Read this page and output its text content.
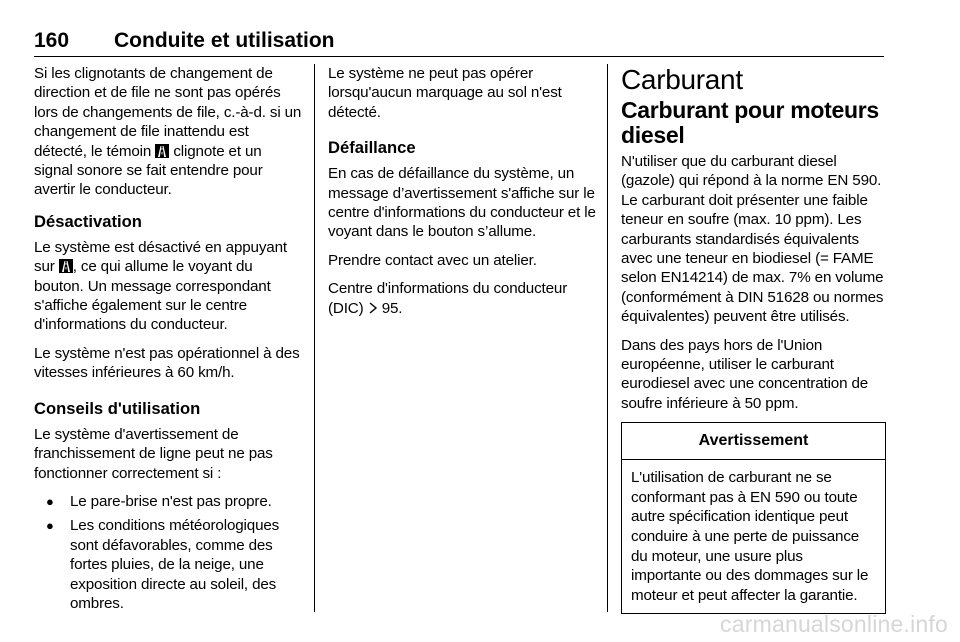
160 Conduite et utilisation

Si les clignotants de changement de direction et de file ne sont pas opérés lors de changements de file, c.-à-d. si un changement de file inattendu est détecté, le témoin clignote et un signal sonore se fait entendre pour avertir le conducteur.

Désactivation

Le système est désactivé en appuyant sur , ce qui allume le voyant du bouton. Un message correspondant s'affiche également sur le centre d'informations du conducteur.

Le système n'est pas opérationnel à des vitesses inférieures à 60 km/h.

Conseils d'utilisation

Le système d'avertissement de franchissement de ligne peut ne pas fonctionner correctement si :

● Le pare-brise n'est pas propre.
● Les conditions météorologiques sont défavorables, comme des fortes pluies, de la neige, une exposition directe au soleil, des ombres.

Le système ne peut pas opérer lorsqu'aucun marquage au sol n'est détecté.

Défaillance

En cas de défaillance du système, un message d’avertissement s'affiche sur le centre d'informations du conducteur et le voyant dans le bouton s’allume.

Prendre contact avec un atelier.

Centre d'informations du conducteur (DIC) 95.

Carburant
Carburant pour moteurs diesel

N'utiliser que du carburant diesel (gazole) qui répond à la norme EN 590. Le carburant doit présenter une faible teneur en soufre (max. 10 ppm). Les carburants standardisés équivalents avec une teneur en biodiesel (= FAME selon EN14214) de max. 7% en volume (conformément à DIN 51628 ou normes équivalentes) peuvent être utilisés.

Dans des pays hors de l'Union européenne, utiliser le carburant eurodiesel avec une concentration de soufre inférieure à 50 ppm.

Avertissement
L'utilisation de carburant ne se conformant pas à EN 590 ou toute autre spécification identique peut conduire à une perte de puissance du moteur, une usure plus importante ou des dommages sur le moteur et peut affecter la garantie.
carmanualsonline.info
